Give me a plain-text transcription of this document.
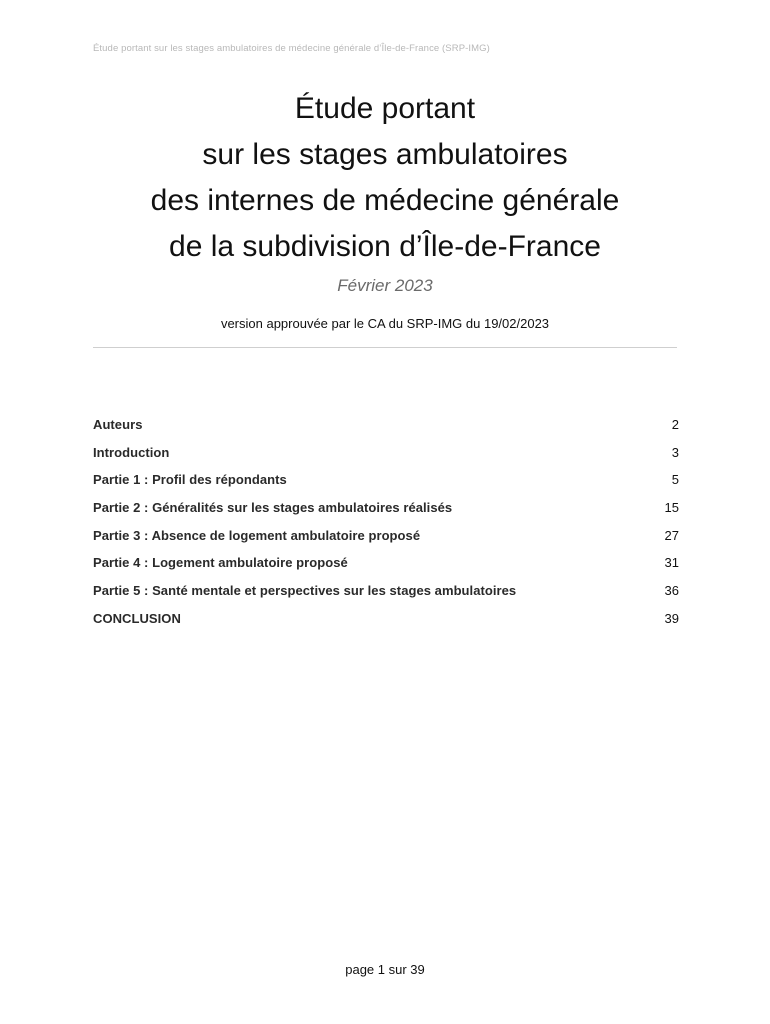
Étude portant sur les stages ambulatoires de médecine générale d’Île-de-France (SRP-IMG)
Étude portant
sur les stages ambulatoires
des internes de médecine générale
de la subdivision d’Île-de-France
Février 2023
version approuvée par le CA du SRP-IMG du 19/02/2023
Auteurs	2
Introduction	3
Partie 1 : Profil des répondants	5
Partie 2 : Généralités sur les stages ambulatoires réalisés	15
Partie 3 : Absence de logement ambulatoire proposé	27
Partie 4 : Logement ambulatoire proposé	31
Partie 5 : Santé mentale et perspectives sur les stages ambulatoires	36
CONCLUSION	39
page 1 sur 39
